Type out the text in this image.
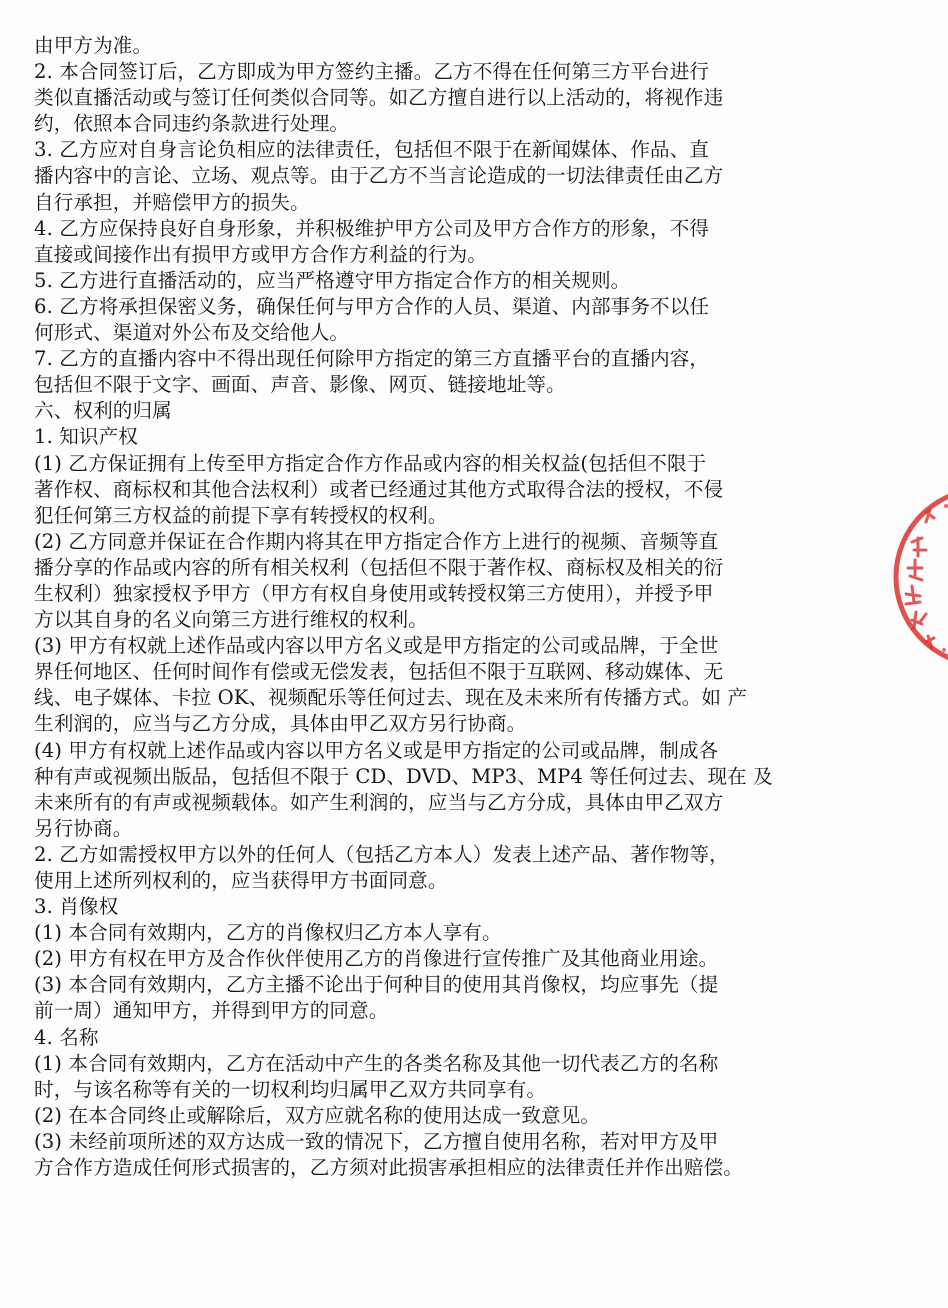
由甲方为准。
2. 本合同签订后，乙方即成为甲方签约主播。乙方不得在任何第三方平台进行
类似直播活动或与签订任何类似合同等。如乙方擅自进行以上活动的，将视作违
约，依照本合同违约条款进行处理。
3. 乙方应对自身言论负相应的法律责任，包括但不限于在新闻媒体、作品、直
播内容中的言论、立场、观点等。由于乙方不当言论造成的一切法律责任由乙方
自行承担，并赔偿甲方的损失。
4. 乙方应保持良好自身形象，并积极维护甲方公司及甲方合作方的形象，不得
直接或间接作出有损甲方或甲方合作方利益的行为。
5. 乙方进行直播活动的，应当严格遵守甲方指定合作方的相关规则。
6. 乙方将承担保密义务，确保任何与甲方合作的人员、渠道、内部事务不以任
何形式、渠道对外公布及交给他人。
7. 乙方的直播内容中不得出现任何除甲方指定的第三方直播平台的直播内容，
包括但不限于文字、画面、声音、影像、网页、链接地址等。
六、权利的归属
1. 知识产权
(1) 乙方保证拥有上传至甲方指定合作方作品或内容的相关权益(包括但不限于
著作权、商标权和其他合法权利）或者已经通过其他方式取得合法的授权，不侵
犯任何第三方权益的前提下享有转授权的权利。
(2) 乙方同意并保证在合作期内将其在甲方指定合作方上进行的视频、音频等直
播分享的作品或内容的所有相关权利（包括但不限于著作权、商标权及相关的衍
生权利）独家授权予甲方（甲方有权自身使用或转授权第三方使用），并授予甲
方以其自身的名义向第三方进行维权的权利。
(3) 甲方有权就上述作品或内容以甲方名义或是甲方指定的公司或品牌，于全世
界任何地区、任何时间作有偿或无偿发表，包括但不限于互联网、移动媒体、无
线、电子媒体、卡拉 OK、视频配乐等任何过去、现在及未来所有传播方式。如 产
生利润的，应当与乙方分成，具体由甲乙双方另行协商。
(4) 甲方有权就上述作品或内容以甲方名义或是甲方指定的公司或品牌，制成各
种有声或视频出版品，包括但不限于 CD、DVD、MP3、MP4 等任何过去、现在 及
未来所有的有声或视频载体。如产生利润的，应当与乙方分成，具体由甲乙双方
另行协商。
2. 乙方如需授权甲方以外的任何人（包括乙方本人）发表上述产品、著作物等，
使用上述所列权利的，应当获得甲方书面同意。
3. 肖像权
(1) 本合同有效期内，乙方的肖像权归乙方本人享有。
(2) 甲方有权在甲方及合作伙伴使用乙方的肖像进行宣传推广及其他商业用途。
(3) 本合同有效期内，乙方主播不论出于何种目的使用其肖像权，均应事先（提
前一周）通知甲方，并得到甲方的同意。
4. 名称
(1) 本合同有效期内，乙方在活动中产生的各类名称及其他一切代表乙方的名称
时，与该名称等有关的一切权利均归属甲乙双方共同享有。
(2) 在本合同终止或解除后，双方应就名称的使用达成一致意见。
(3) 未经前项所述的双方达成一致的情况下，乙方擅自使用名称，若对甲方及甲
方合作方造成任何形式损害的，乙方须对此损害承担相应的法律责任并作出赔偿。
